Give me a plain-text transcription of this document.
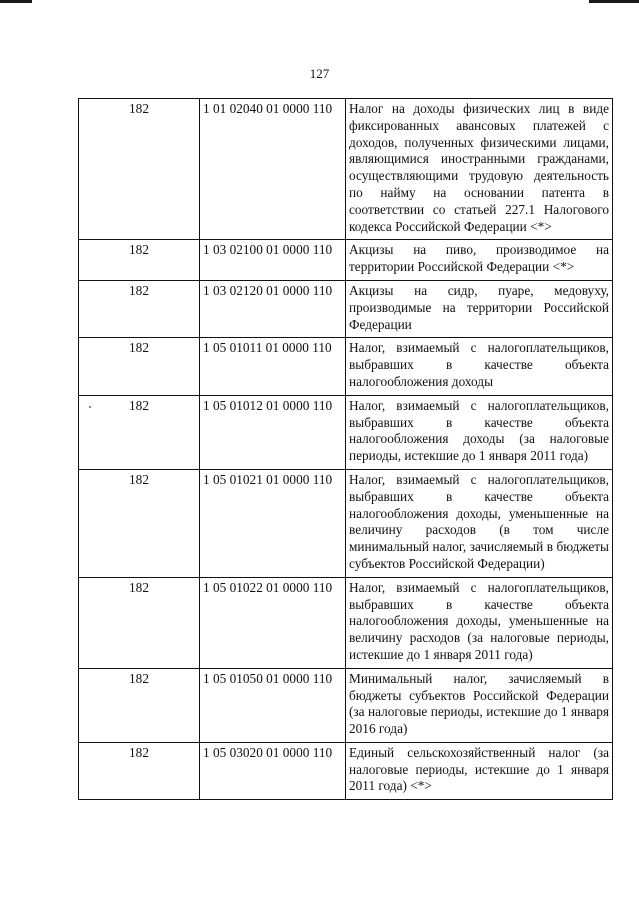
127
182	1 01 02040 01 0000 110	Налог на доходы физических лиц в виде фиксированных авансовых платежей с доходов, полученных физическими лицами, являющимися иностранными гражданами, осуществляющими трудовую деятельность по найму на основании патента в соответствии со статьей 227.1 Налогового кодекса Российской Федерации <*>
182	1 03 02100 01 0000 110	Акцизы на пиво, производимое на территории Российской Федерации <*>
182	1 03 02120 01 0000 110	Акцизы на сидр, пуаре, медовуху, производимые на территории Российской Федерации
182	1 05 01011 01 0000 110	Налог, взимаемый с налогоплательщиков, выбравших в качестве объекта налогообложения доходы
182	1 05 01012 01 0000 110	Налог, взимаемый с налогоплательщиков, выбравших в качестве объекта налогообложения доходы (за налоговые периоды, истекшие до 1 января 2011 года)
182	1 05 01021 01 0000 110	Налог, взимаемый с налогоплательщиков, выбравших в качестве объекта налогообложения доходы, уменьшенные на величину расходов (в том числе минимальный налог, зачисляемый в бюджеты субъектов Российской Федерации)
182	1 05 01022 01 0000 110	Налог, взимаемый с налогоплательщиков, выбравших в качестве объекта налогообложения доходы, уменьшенные на величину расходов (за налоговые периоды, истекшие до 1 января 2011 года)
182	1 05 01050 01 0000 110	Минимальный налог, зачисляемый в бюджеты субъектов Российской Федерации (за налоговые периоды, истекшие до 1 января 2016 года)
182	1 05 03020 01 0000 110	Единый сельскохозяйственный налог (за налоговые периоды, истекшие до 1 января 2011 года) <*>
